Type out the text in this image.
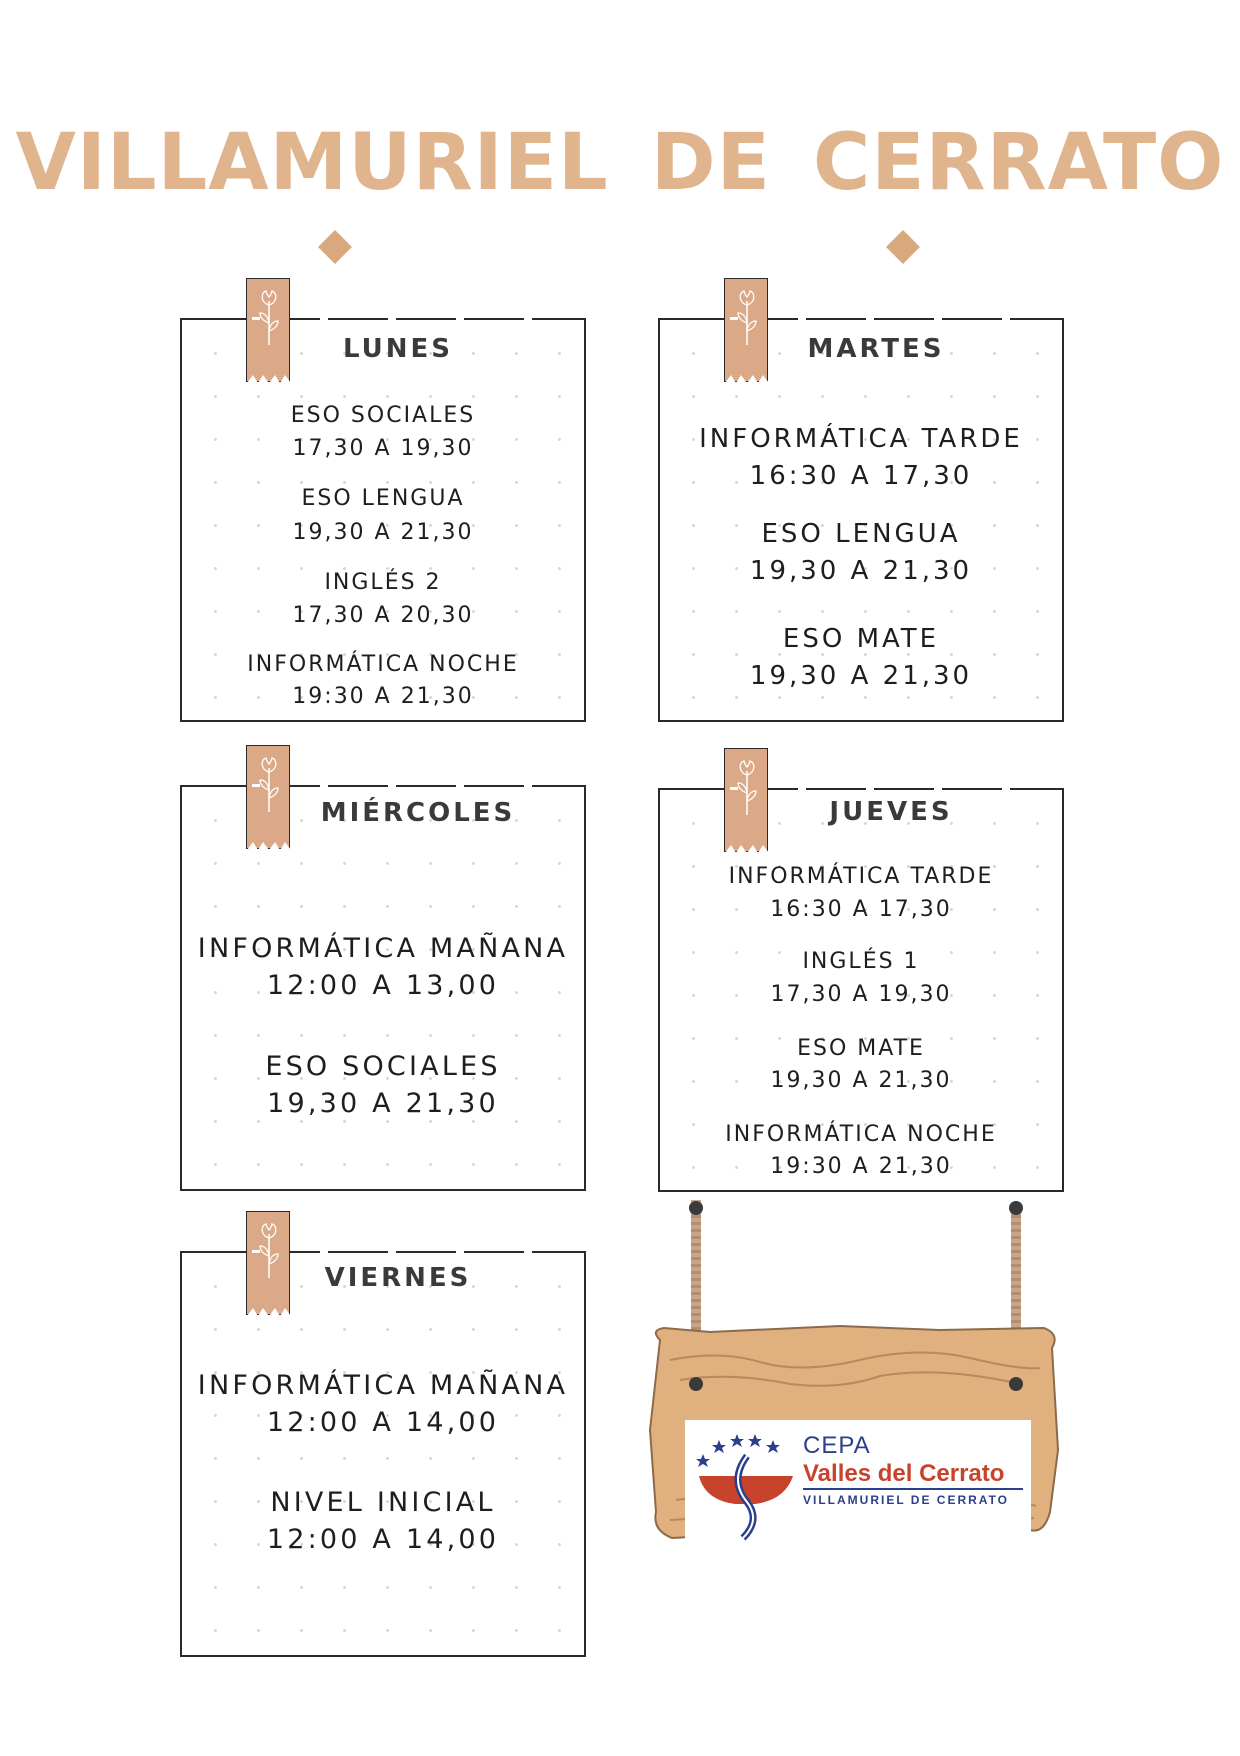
VILLAMURIEL DE CERRATO
LUNES
ESO SOCIALES
17,30 A 19,30
ESO LENGUA
19,30 A 21,30
INGLÉS 2
17,30 A 20,30
INFORMÁTICA NOCHE
19:30 A 21,30
MARTES
INFORMÁTICA TARDE
16:30 A 17,30
ESO LENGUA
19,30 A 21,30
ESO MATE
19,30 A 21,30
MIÉRCOLES
INFORMÁTICA MAÑANA
12:00 A 13,00
ESO SOCIALES
19,30 A 21,30
JUEVES
INFORMÁTICA TARDE
16:30 A 17,30
INGLÉS 1
17,30 A 19,30
ESO MATE
19,30 A 21,30
INFORMÁTICA NOCHE
19:30 A 21,30
VIERNES
INFORMÁTICA MAÑANA
12:00 A 14,00
NIVEL INICIAL
12:00 A 14,00
CEPA
Valles del Cerrato
VILLAMURIEL DE CERRATO
